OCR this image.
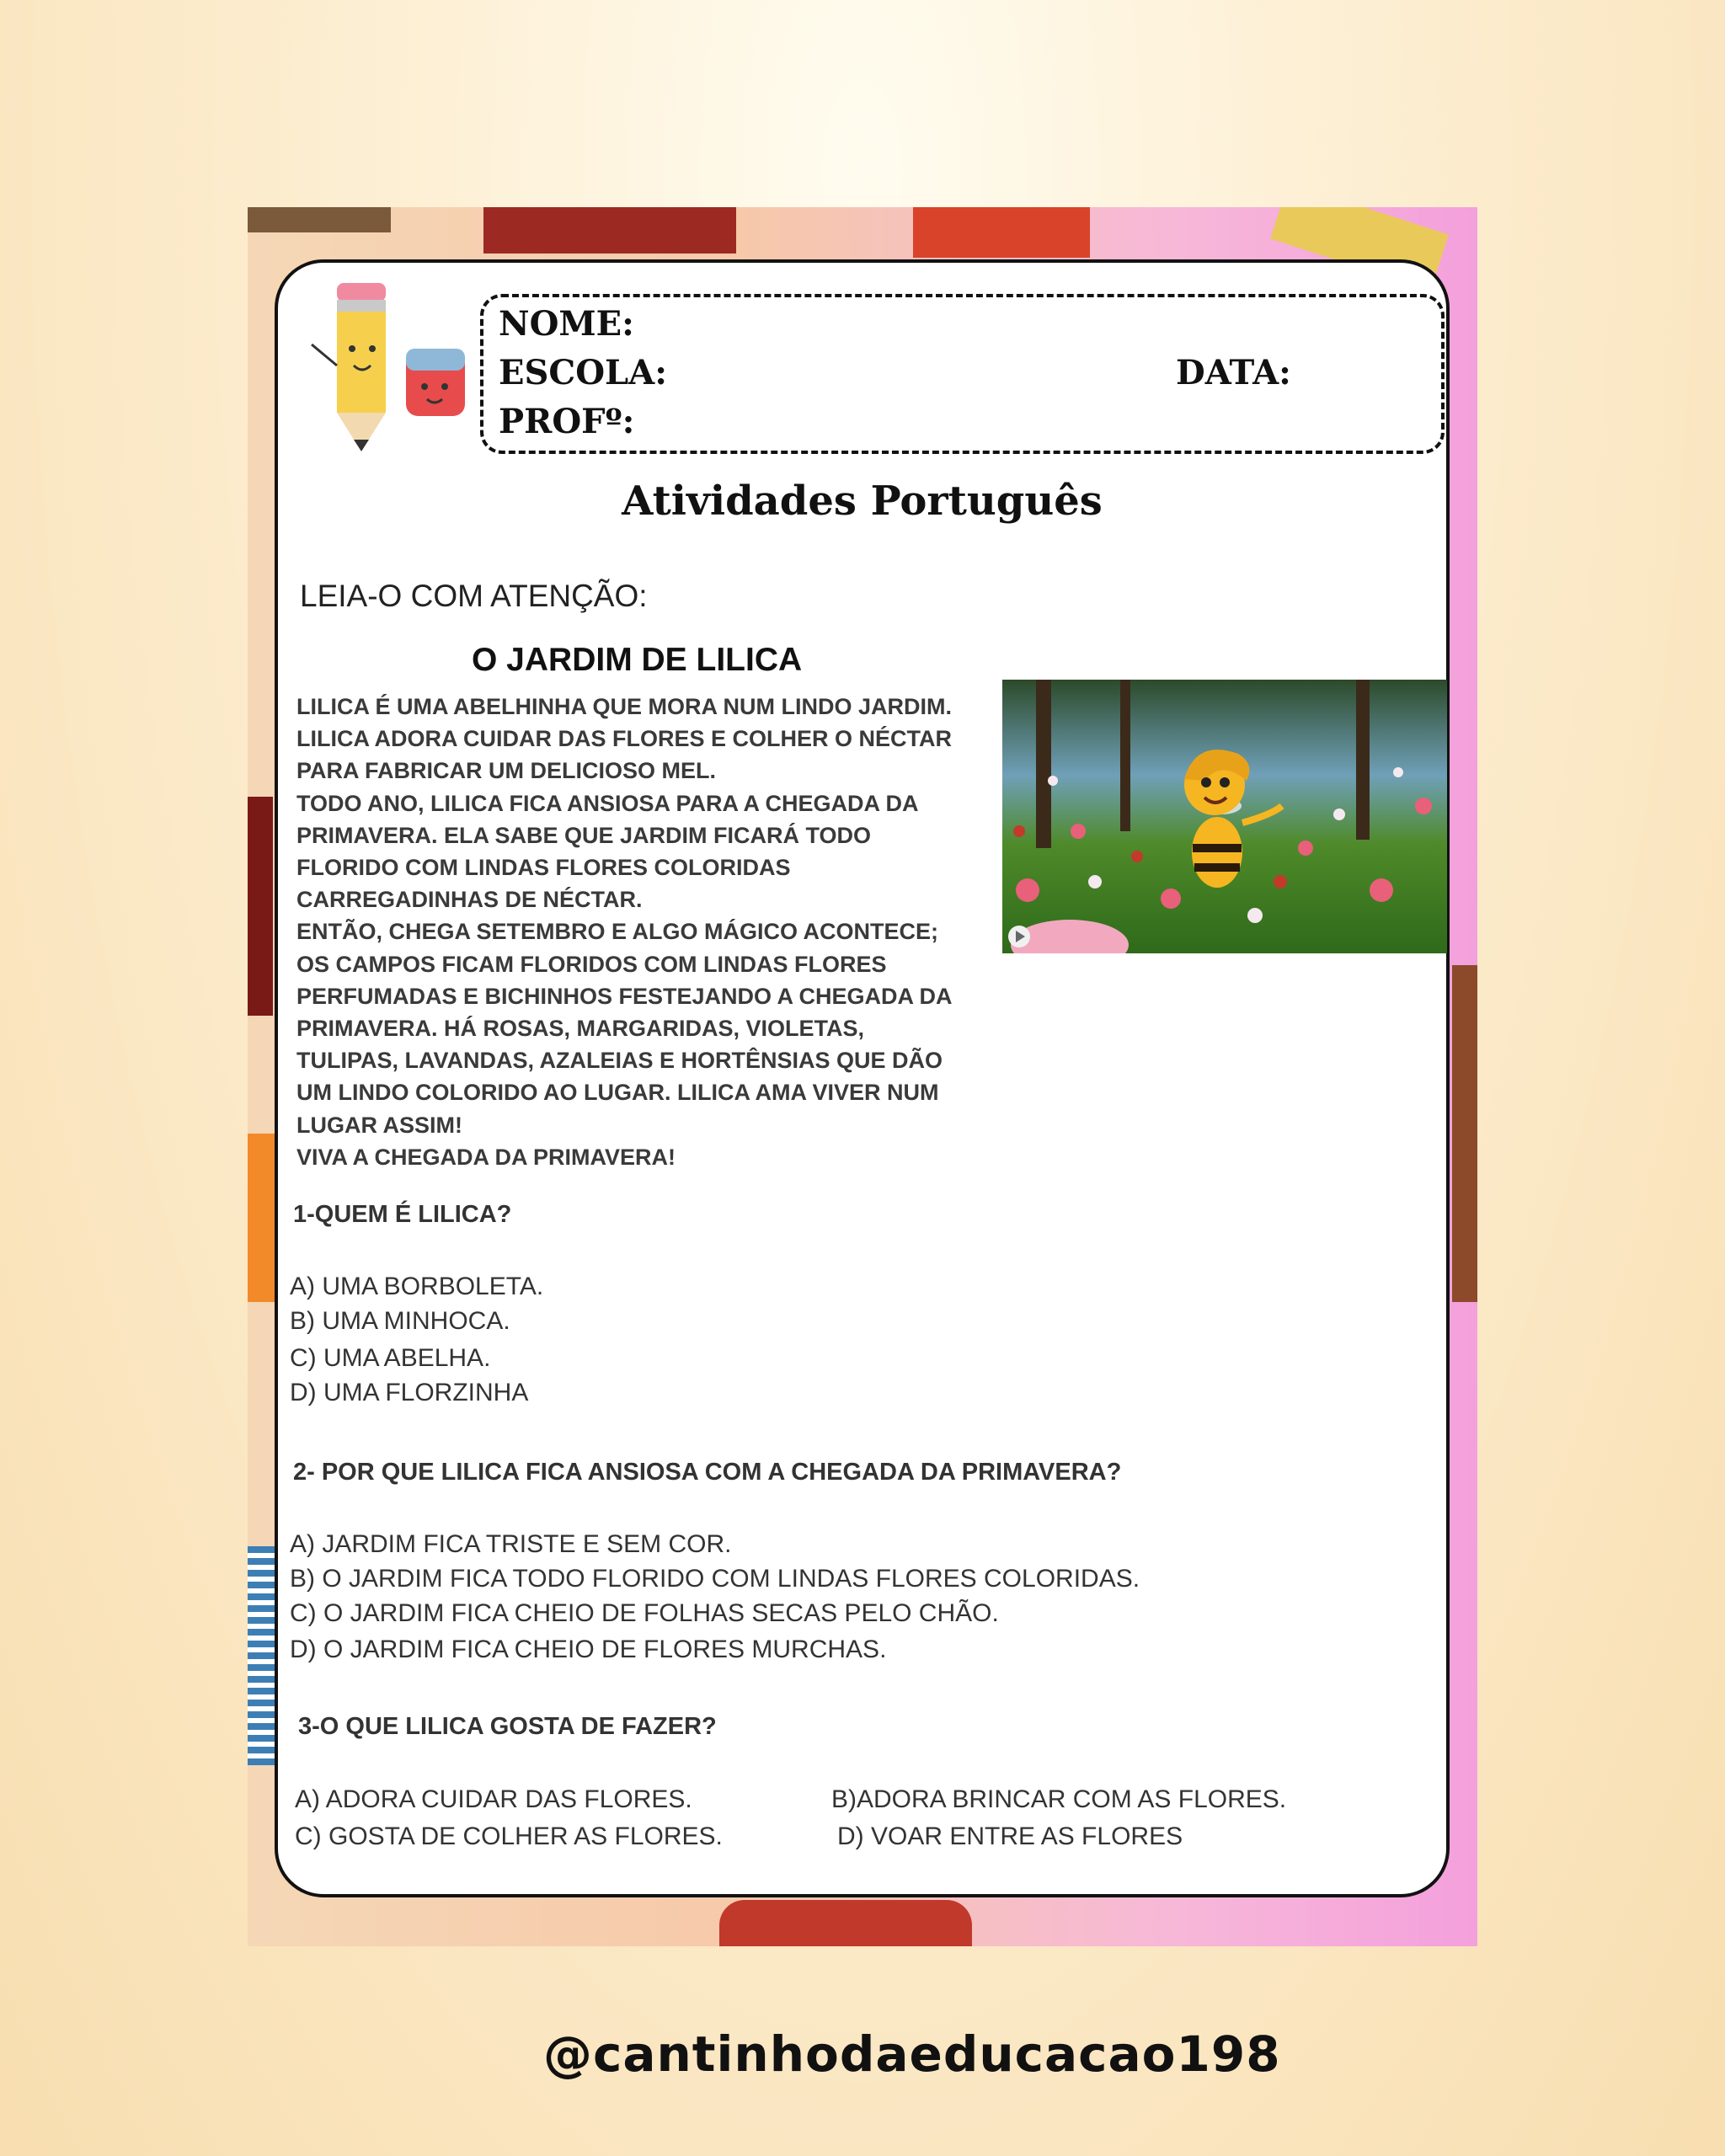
NOME:
ESCOLA:	DATA:
PROFº:
Atividades Português
LEIA-O COM ATENÇÃO:
O JARDIM DE LILICA
LILICA É UMA ABELHINHA QUE MORA NUM LINDO JARDIM.
LILICA ADORA CUIDAR DAS FLORES E COLHER O NÉCTAR
PARA FABRICAR UM DELICIOSO MEL.
TODO ANO, LILICA FICA ANSIOSA PARA A CHEGADA DA
PRIMAVERA. ELA SABE QUE JARDIM FICARÁ TODO
FLORIDO COM LINDAS FLORES COLORIDAS
CARREGADINHAS DE NÉCTAR.
ENTÃO, CHEGA SETEMBRO E ALGO MÁGICO ACONTECE;
OS CAMPOS FICAM FLORIDOS COM LINDAS FLORES
PERFUMADAS E BICHINHOS FESTEJANDO A CHEGADA DA
PRIMAVERA. HÁ ROSAS, MARGARIDAS, VIOLETAS,
TULIPAS, LAVANDAS, AZALEIAS E HORTÊNSIAS QUE DÃO
UM LINDO COLORIDO AO LUGAR. LILICA AMA VIVER NUM
LUGAR ASSIM!
VIVA A CHEGADA DA PRIMAVERA!
1-QUEM É LILICA?
A) UMA BORBOLETA.
B) UMA MINHOCA.
C) UMA ABELHA.
D) UMA FLORZINHA
2- POR QUE LILICA FICA ANSIOSA COM A CHEGADA DA PRIMAVERA?
A) JARDIM FICA TRISTE E SEM COR.
B) O JARDIM FICA TODO FLORIDO COM LINDAS FLORES COLORIDAS.
C) O JARDIM FICA CHEIO DE FOLHAS SECAS PELO CHÃO.
D) O JARDIM FICA CHEIO DE FLORES MURCHAS.
3-O QUE LILICA GOSTA DE FAZER?
A) ADORA CUIDAR DAS FLORES.	B)ADORA BRINCAR COM AS FLORES.
C) GOSTA DE COLHER AS FLORES.	D) VOAR ENTRE AS FLORES
@cantinhodaeducacao198
